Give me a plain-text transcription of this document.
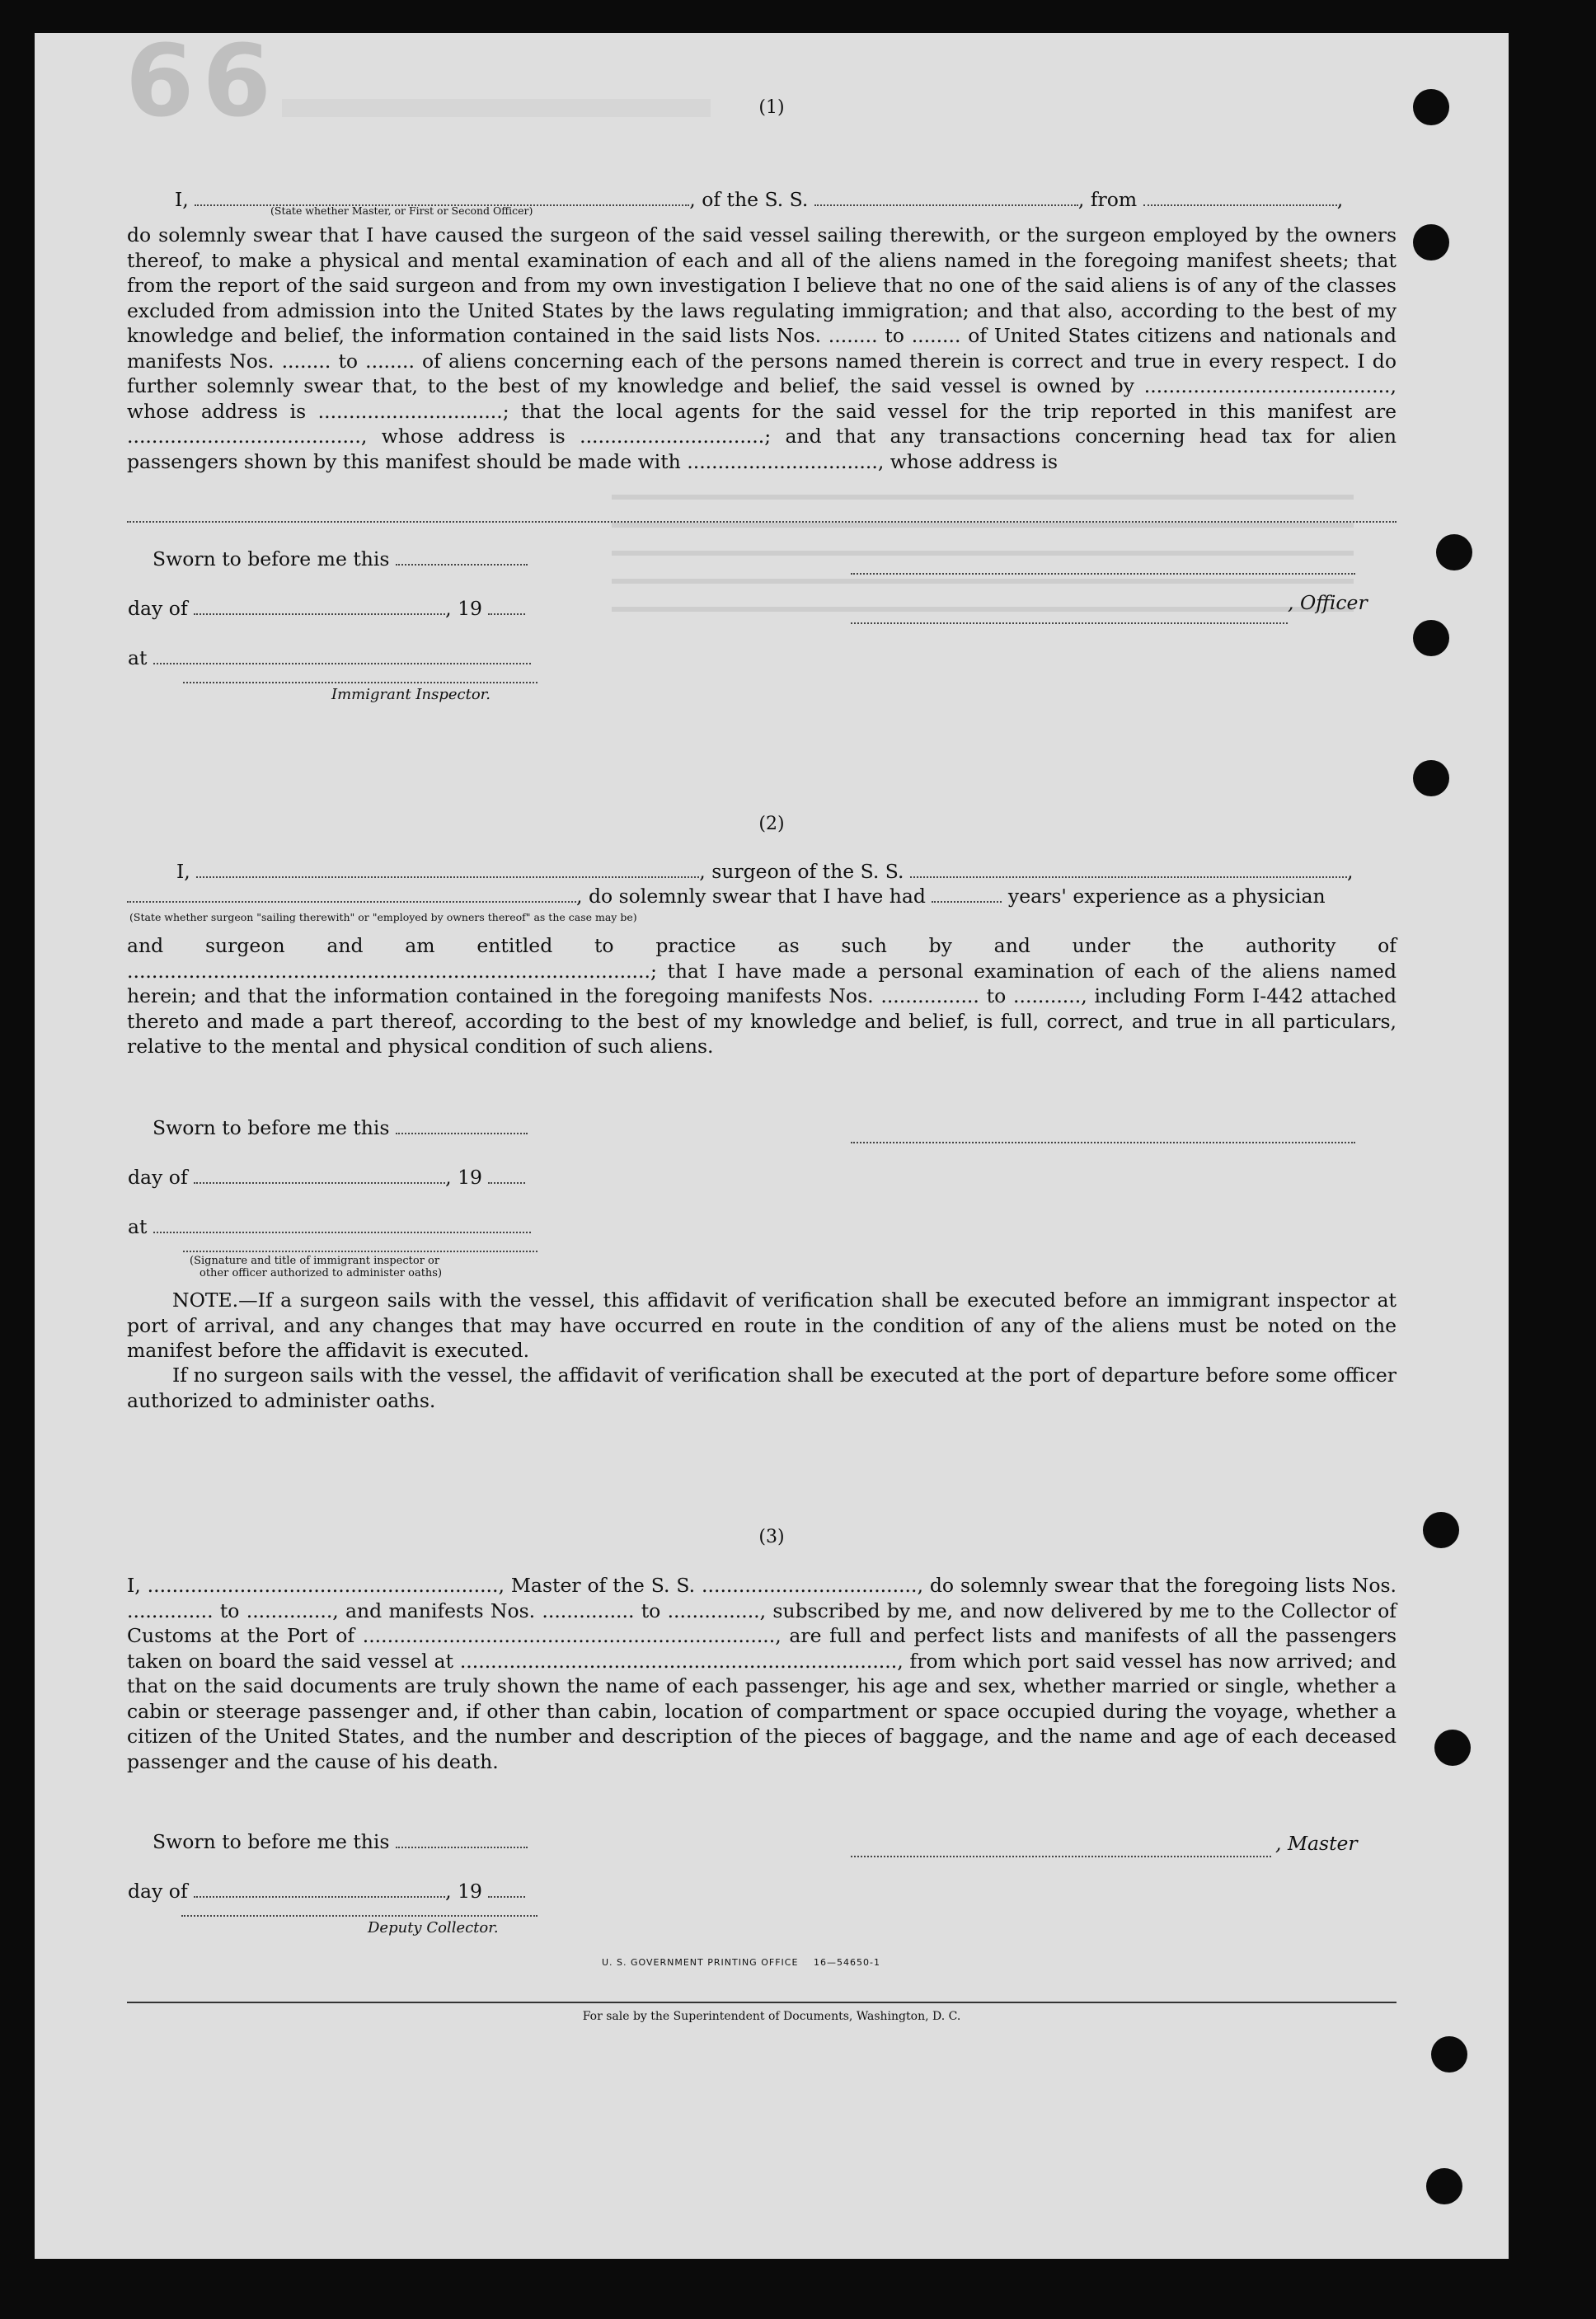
66	(1)
I,	, of the S. S.	, from	,
(State whether Master, or First or Second Officer)

do solemnly swear that I have caused the surgeon of the said vessel sailing therewith, or the surgeon employed by the owners thereof, to make a physical and mental examination of each and all of the aliens named in the foregoing manifest sheets; that from the report of the said surgeon and from my own investigation I believe that no one of the said aliens is of any of the classes excluded from admission into the United States by the laws regulating immigration; and that also, according to the best of my knowledge and belief, the information contained in the said lists Nos. ........ to ........ of United States citizens and nationals and manifests Nos. ........ to ........ of aliens concerning each of the persons named therein is correct and true in every respect. I do further solemnly swear that, to the best of my knowledge and belief, the said vessel is owned by ........................................, whose address is ..............................; that the local agents for the said vessel for the trip reported in this manifest are ......................................, whose address is ..............................; and that any transactions concerning head tax for alien passengers shown by this manifest should be made with ..............................., whose address is

Sworn to before me this
day of	, 19	, Officer
at
Immigrant Inspector.
(2)
I,	, surgeon of the S. S.	,
, do solemnly swear that I have had	years' experience as a physician
(State whether surgeon "sailing therewith" or "employed by owners thereof" as the case may be)

and surgeon and am entitled to practice as such by and under the authority of .....................................................................................; that I have made a personal examination of each of the aliens named herein; and that the information contained in the foregoing manifests Nos. ................ to ..........., including Form I-442 attached thereto and made a part thereof, according to the best of my knowledge and belief, is full, correct, and true in all particulars, relative to the mental and physical condition of such aliens.

Sworn to before me this
day of	, 19
at
(Signature and title of immigrant inspector or
other officer authorized to administer oaths)

NOTE.—If a surgeon sails with the vessel, this affidavit of verification shall be executed before an immigrant inspector at port of arrival, and any changes that may have occurred en route in the condition of any of the aliens must be noted on the manifest before the affidavit is executed.

If no surgeon sails with the vessel, the affidavit of verification shall be executed at the port of departure before some officer authorized to administer oaths.

(3)

I, ........................................................., Master of the S. S. ..................................., do solemnly swear that the foregoing lists Nos. .............. to .............., and manifests Nos. ............... to ..............., subscribed by me, and now delivered by me to the Collector of Customs at the Port of ..................................................................., are full and perfect lists and manifests of all the passengers taken on board the said vessel at ......................................................................., from which port said vessel has now arrived; and that on the said documents are truly shown the name of each passenger, his age and sex, whether married or single, whether a cabin or steerage passenger and, if other than cabin, location of compartment or space occupied during the voyage, whether a citizen of the United States, and the number and description of the pieces of baggage, and the name and age of each deceased passenger and the cause of his death.

Sworn to before me this	, Master
day of	, 19
Deputy Collector.
U. S. GOVERNMENT PRINTING OFFICE 16—54650-1
For sale by the Superintendent of Documents, Washington, D. C.
